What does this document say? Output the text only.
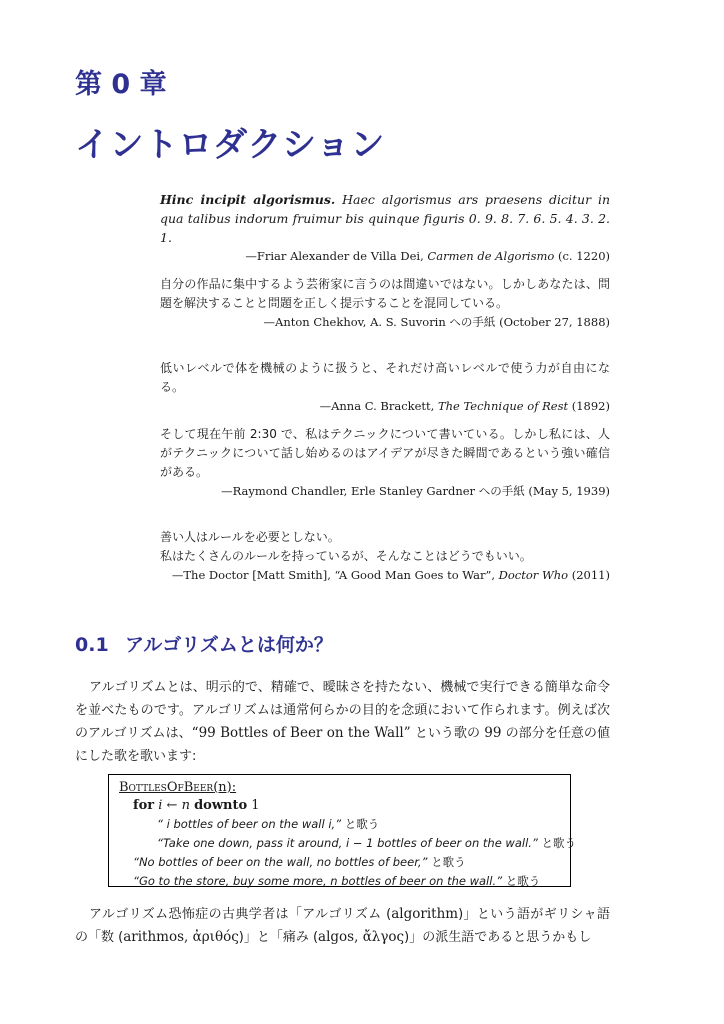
第 0 章
イントロダクション
Hinc incipit algorismus. Haec algorismus ars praesens dicitur in qua talibus indorum fruimur bis quinque figuris 0. 9. 8. 7. 6. 5. 4. 3. 2. 1.
—Friar Alexander de Villa Dei, Carmen de Algorismo (c. 1220)
自分の作品に集中するよう芸術家に言うのは間違いではない。しかしあなたは、問題を解決することと問題を正しく提示することを混同している。
—Anton Chekhov, A. S. Suvorin への手紙 (October 27, 1888)
低いレベルで体を機械のように扱うと、それだけ高いレベルで使う力が自由になる。
—Anna C. Brackett, The Technique of Rest (1892)
そして現在午前 2:30 で、私はテクニックについて書いている。しかし私には、人がテクニックについて話し始めるのはアイデアが尽きた瞬間であるという強い確信がある。
—Raymond Chandler, Erle Stanley Gardner への手紙 (May 5, 1939)
善い人はルールを必要としない。
私はたくさんのルールを持っているが、そんなことはどうでもいい。
—The Doctor [Matt Smith], “A Good Man Goes to War”, Doctor Who (2011)
0.1 アルゴリズムとは何か？
アルゴリズムとは、明示的で、精確で、曖昧さを持たない、機械で実行できる簡単な命令を並べたものです。アルゴリズムは通常何らかの目的を念頭において作られます。例えば次のアルゴリズムは、“99 Bottles of Beer on the Wall” という歌の 99 の部分を任意の値にした歌を歌います:
BottlesOfBeer(n):
for i ← n downto 1
“ i bottles of beer on the wall i,” と歌う
“Take one down, pass it around, i − 1 bottles of beer on the wall.” と歌う
“No bottles of beer on the wall, no bottles of beer,” と歌う
“Go to the store, buy some more, n bottles of beer on the wall.” と歌う
アルゴリズム恐怖症の古典学者は「アルゴリズム (algorithm)」という語がギリシャ語の「数 (arithmos, ἀριθός)」と「痛み (algos, ἄλγος)」の派生語であると思うかもし
